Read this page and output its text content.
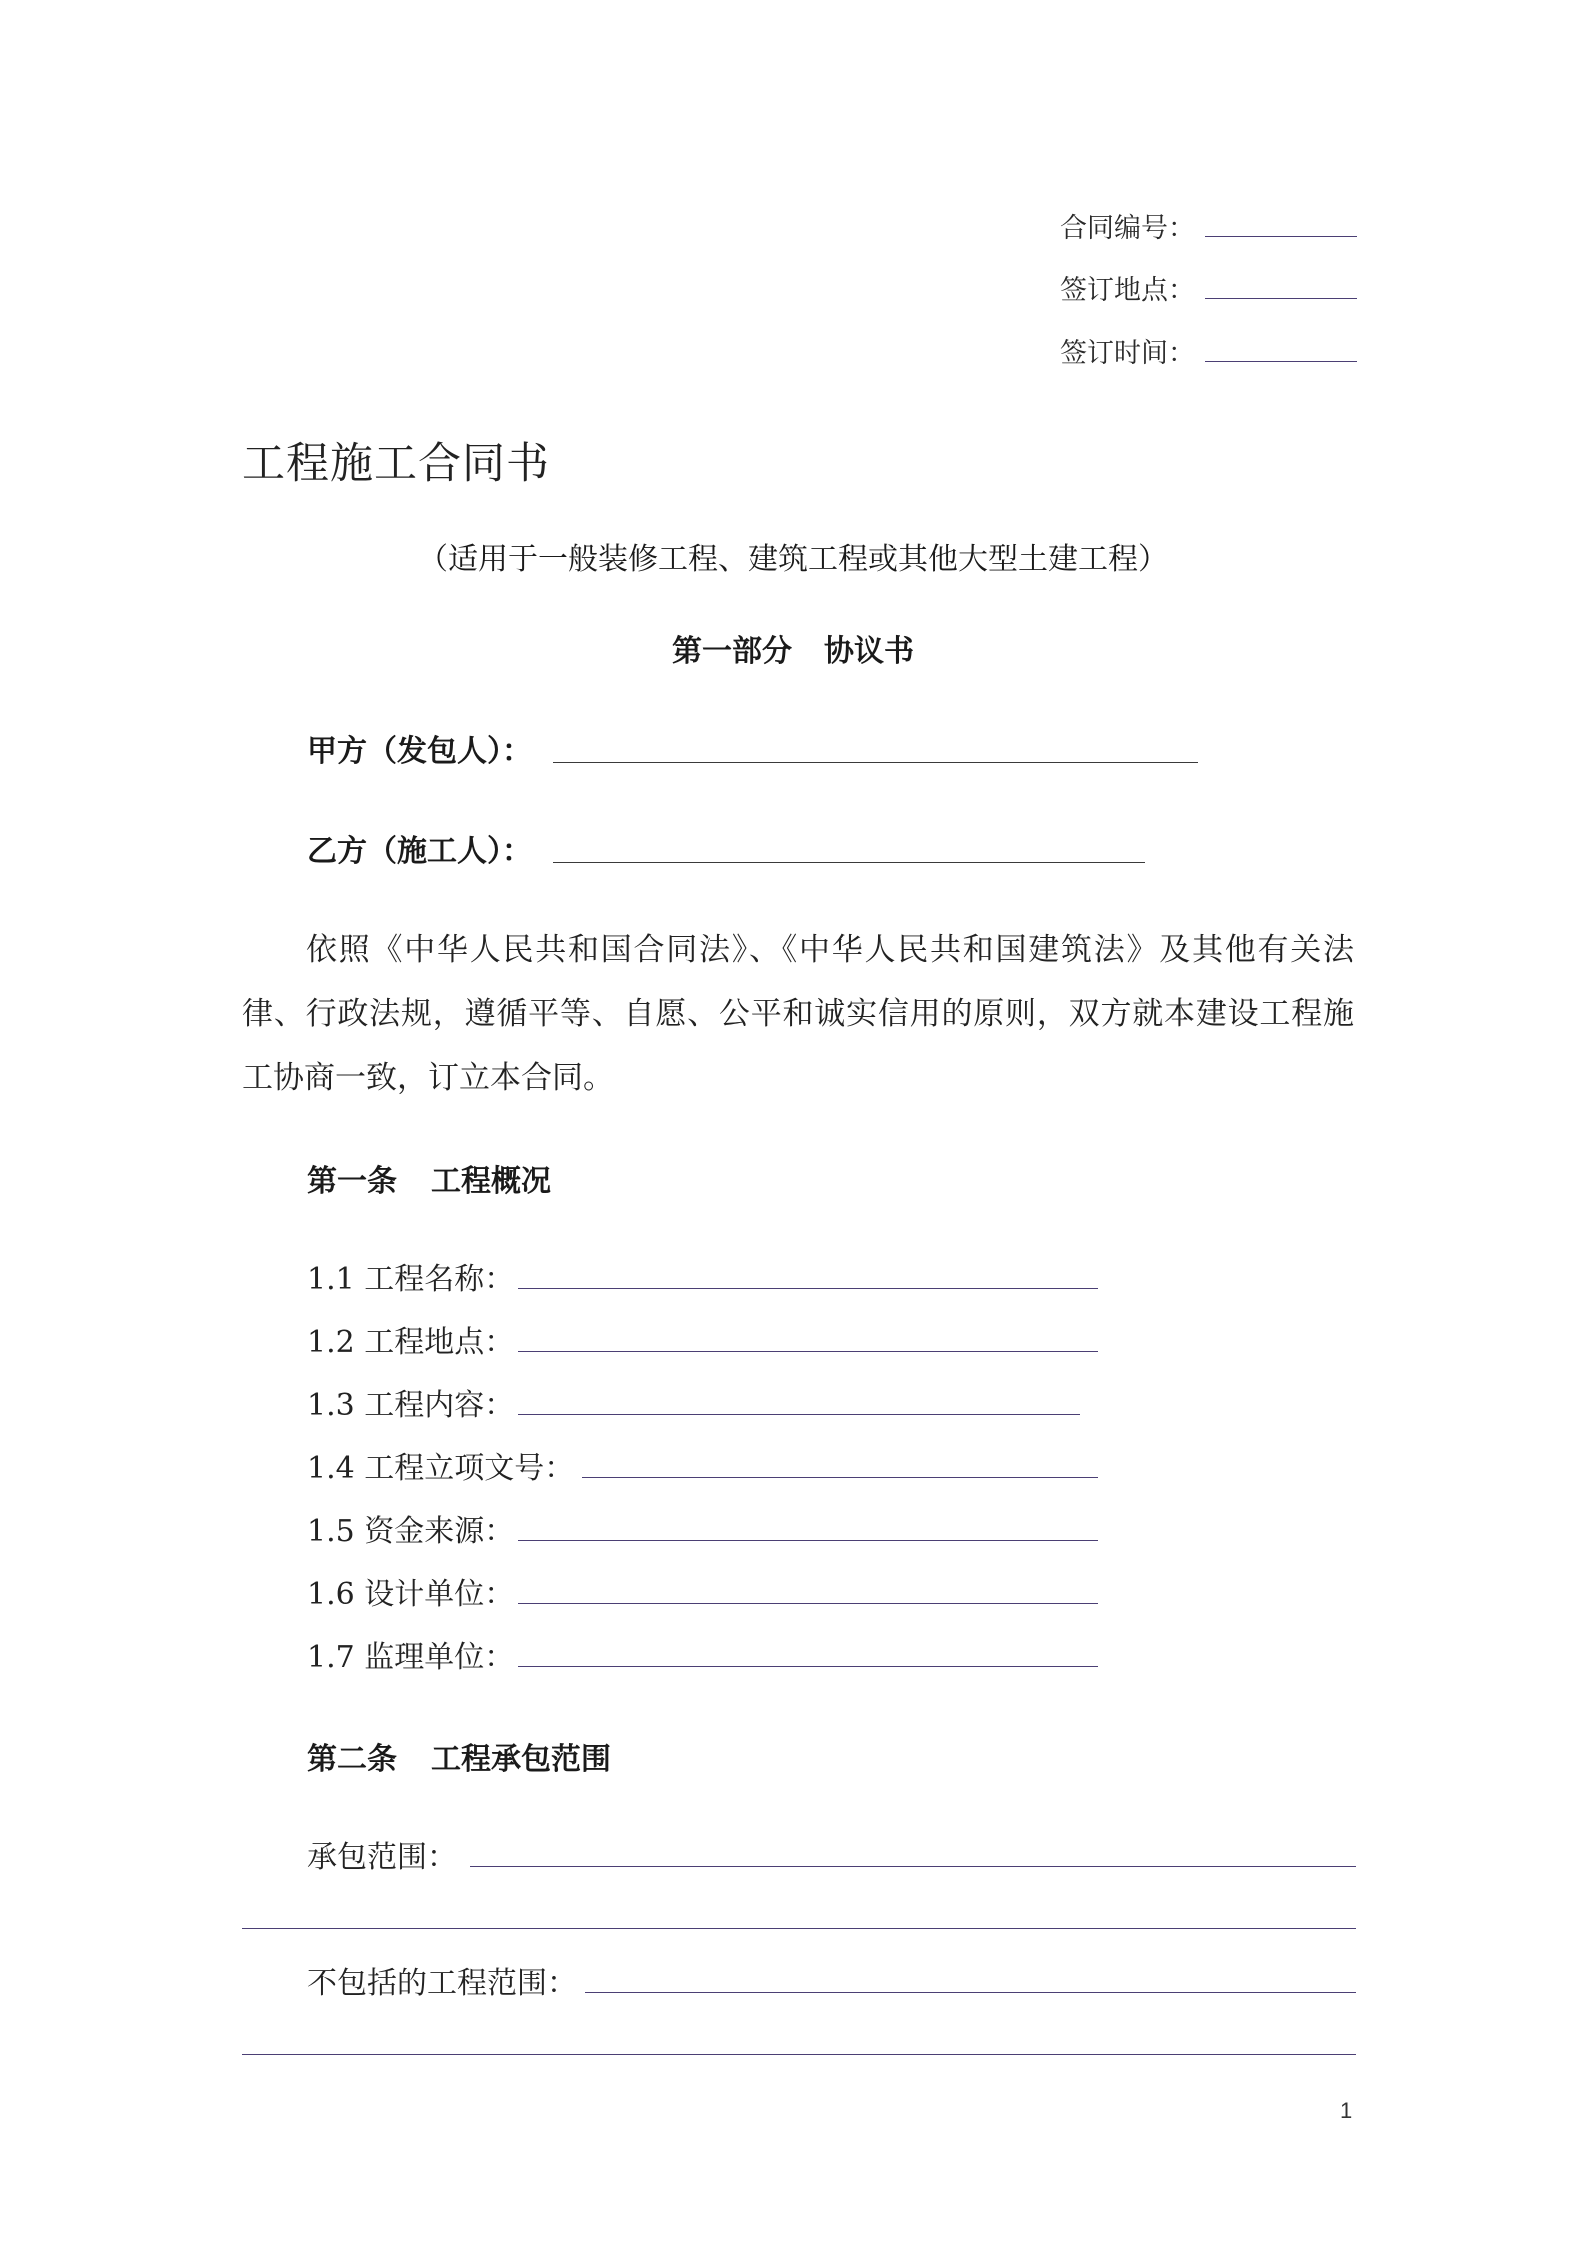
合同编号：
签订地点：
签订时间：
工程施工合同书
（适用于一般装修工程、建筑工程或其他大型土建工程）
第一部分 协议书
甲方（发包人）：
乙方（施工人）：
依照《中华人民共和国合同法》、《中华人民共和国建筑法》及其他有关法律、行政法规，遵循平等、自愿、公平和诚实信用的原则，双方就本建设工程施工协商一致，订立本合同。
第一条 工程概况
1.1 工程名称：
1.2 工程地点：
1.3 工程内容：
1.4 工程立项文号：
1.5 资金来源：
1.6 设计单位：
1.7 监理单位：
第二条 工程承包范围
承包范围：
不包括的工程范围：
1
